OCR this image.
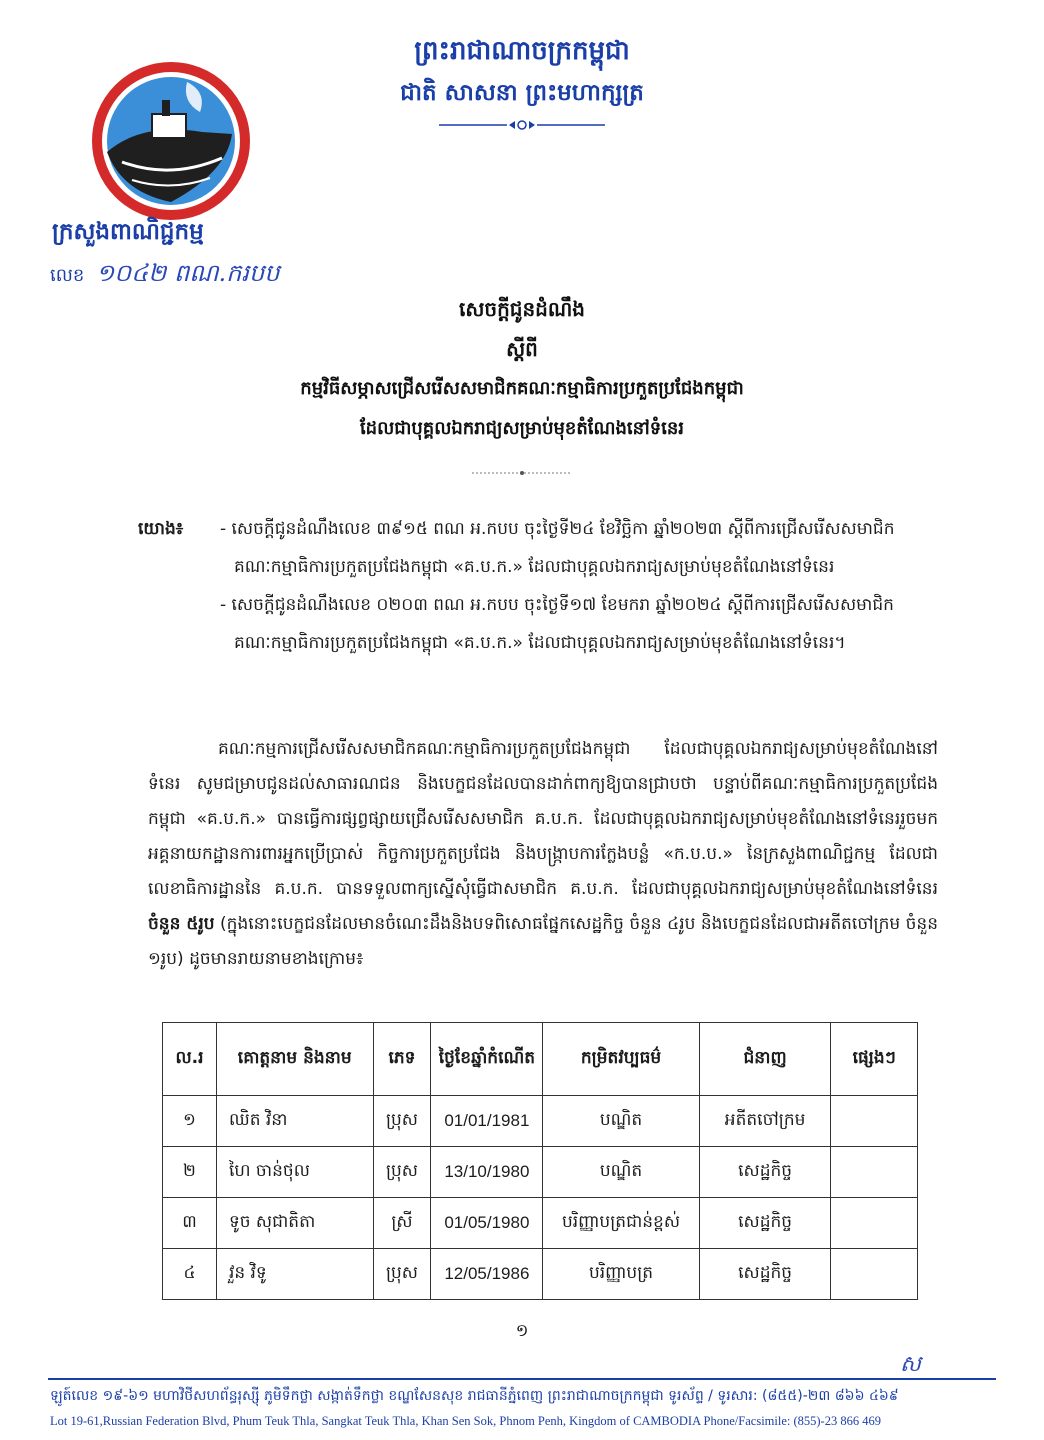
ព្រះរាជាណាចក្រកម្ពុជា
ជាតិ សាសនា ព្រះមហាក្សត្រ
ក្រសួងពាណិជ្ជកម្ម
លេខ ១០៤២ ពណ.ករបប
សេចក្តីជូនដំណឹង
ស្តីពី
កម្មវិធីសម្ភាសជ្រើសរើសសមាជិកគណៈកម្មាធិការប្រកួតប្រជែងកម្ពុជា
ដែលជាបុគ្គលឯករាជ្យសម្រាប់មុខតំណែងនៅទំនេរ
យោង៖	- សេចក្តីជូនដំណឹងលេខ ៣៩១៥ ពណ អ.កបប ចុះថ្ងៃទី២៤ ខែវិច្ឆិកា ឆ្នាំ២០២៣ ស្តីពីការជ្រើសរើសសមាជិកគណៈកម្មាធិការប្រកួតប្រជែងកម្ពុជា «គ.ប.ក.» ដែលជាបុគ្គលឯករាជ្យសម្រាប់មុខតំណែងនៅទំនេរ
- សេចក្តីជូនដំណឹងលេខ ០២០៣ ពណ អ.កបប ចុះថ្ងៃទី១៧ ខែមករា ឆ្នាំ២០២៤ ស្តីពីការជ្រើសរើសសមាជិកគណៈកម្មាធិការប្រកួតប្រជែងកម្ពុជា «គ.ប.ក.» ដែលជាបុគ្គលឯករាជ្យសម្រាប់មុខតំណែងនៅទំនេរ។
គណៈកម្មការជ្រើសរើសសមាជិកគណៈកម្មាធិការប្រកួតប្រជែងកម្ពុជា ដែលជាបុគ្គលឯករាជ្យសម្រាប់មុខតំណែងនៅទំនេរ សូមជម្រាបជូនដល់សាធារណជន និងបេក្ខជនដែលបានដាក់ពាក្យឱ្យបានជ្រាបថា បន្ទាប់ពីគណៈកម្មាធិការប្រកួតប្រជែងកម្ពុជា «គ.ប.ក.» បានធ្វើការផ្សព្វផ្សាយជ្រើសរើសសមាជិក គ.ប.ក. ដែលជាបុគ្គលឯករាជ្យសម្រាប់មុខតំណែងនៅទំនេររួចមក អគ្គនាយកដ្ឋានការពារអ្នកប្រើប្រាស់ កិច្ចការប្រកួតប្រជែង និងបង្ក្រាបការក្លែងបន្លំ «ក.ប.ប.» នៃក្រសួងពាណិជ្ជកម្ម ដែលជាលេខាធិការដ្ឋាននៃ គ.ប.ក. បានទទួលពាក្យស្នើសុំធ្វើជាសមាជិក គ.ប.ក. ដែលជាបុគ្គលឯករាជ្យសម្រាប់មុខតំណែងនៅទំនេរ ចំនួន ៥រូប (ក្នុងនោះបេក្ខជនដែលមានចំណេះដឹងនិងបទពិសោធផ្នែកសេដ្ឋកិច្ច ចំនួន ៤រូប និងបេក្ខជនដែលជាអតីតចៅក្រម ចំនួន ១រូប) ដូចមានរាយនាមខាងក្រោម៖
ល.រ	គោត្តនាម និងនាម	ភេទ	ថ្ងៃខែឆ្នាំកំណើត	កម្រិតវប្បធម៌	ជំនាញ	ផ្សេងៗ
១	ឈិត វិនា	ប្រុស	01/01/1981	បណ្ឌិត	អតីតចៅក្រម	
២	ហៃ ចាន់ថុល	ប្រុស	13/10/1980	បណ្ឌិត	សេដ្ឋកិច្ច	
៣	ទូច សុជាតិតា	ស្រី	01/05/1980	បរិញ្ញាបត្រជាន់ខ្ពស់	សេដ្ឋកិច្ច	
៤	វួន វិទូ	ប្រុស	12/05/1986	បរិញ្ញាបត្រ	សេដ្ឋកិច្ច	
១
ស
ឡូត៍លេខ ១៩-៦១ មហាវិថីសហព័ន្ធរុស្ស៊ី ភូមិទឹកថ្លា សង្កាត់ទឹកថ្លា ខណ្ឌសែនសុខ រាជធានីភ្នំពេញ ព្រះរាជាណាចក្រកម្ពុជា ទូរស័ព្ទ / ទូរសារ: (៨៥៥)-២៣ ៨៦៦ ៤៦៩
Lot 19-61,Russian Federation Blvd, Phum Teuk Thla, Sangkat Teuk Thla, Khan Sen Sok, Phnom Penh, Kingdom of CAMBODIA Phone/Facsimile: (855)-23 866 469
